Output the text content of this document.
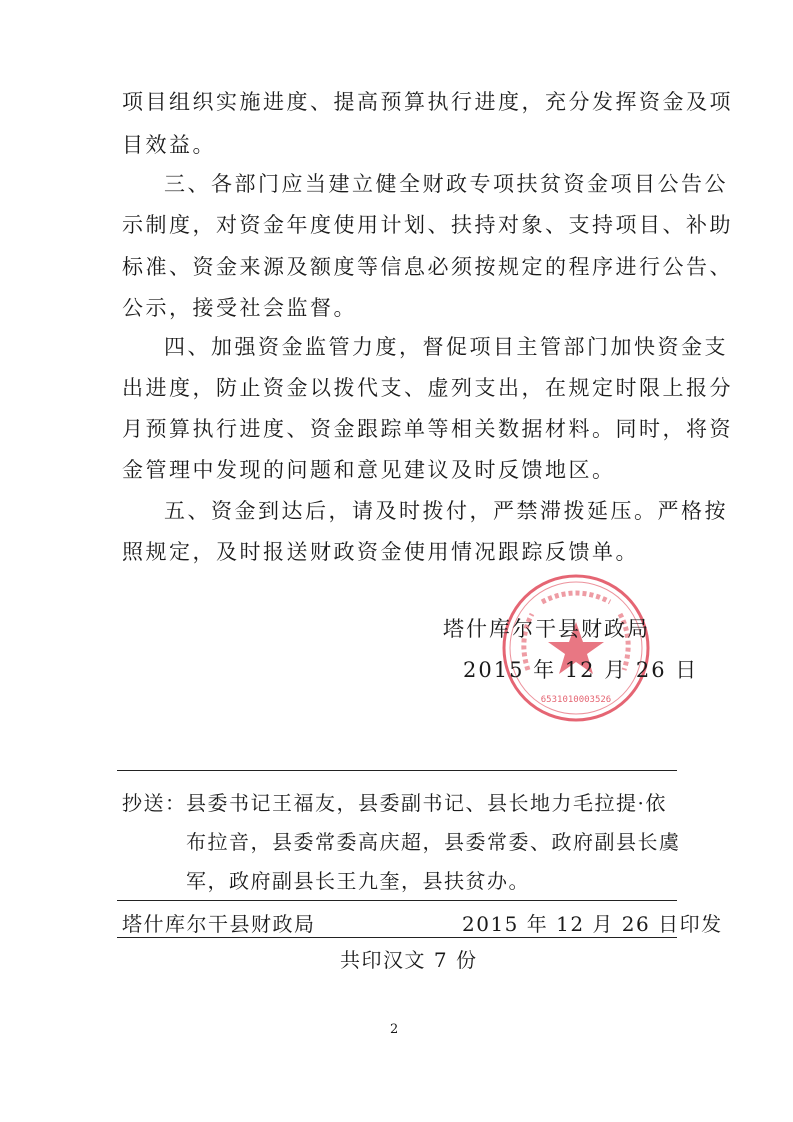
项目组织实施进度、提高预算执行进度，充分发挥资金及项
目效益。
三、各部门应当建立健全财政专项扶贫资金项目公告公
示制度，对资金年度使用计划、扶持对象、支持项目、补助
标准、资金来源及额度等信息必须按规定的程序进行公告、
公示，接受社会监督。
四、加强资金监管力度，督促项目主管部门加快资金支
出进度，防止资金以拨代支、虚列支出，在规定时限上报分
月预算执行进度、资金跟踪单等相关数据材料。同时，将资
金管理中发现的问题和意见建议及时反馈地区。
五、资金到达后，请及时拨付，严禁滞拨延压。严格按
照规定，及时报送财政资金使用情况跟踪反馈单。
6531010003526
塔什库尔干县财政局
2015 年 12 月 26 日
抄送： 县委书记王福友，县委副书记、县长地力毛拉提·依
布拉音，县委常委高庆超，县委常委、政府副县长虞
军，政府副县长王九奎，县扶贫办。
塔什库尔干县财政局	2015 年 12 月 26 日印发
共印汉文 7 份
2
